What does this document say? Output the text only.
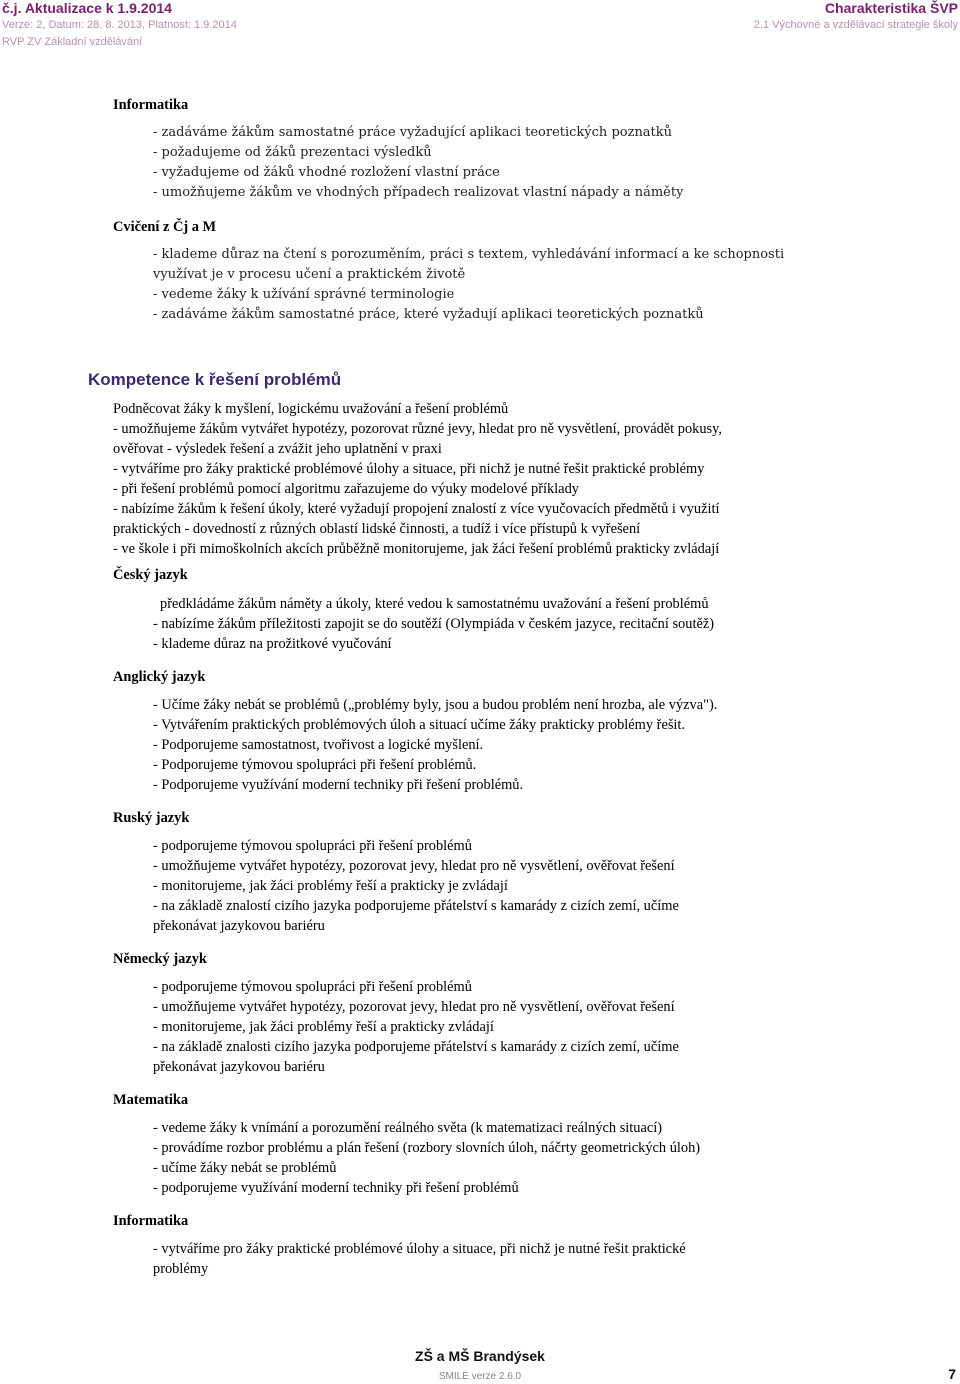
č.j. Aktualizace k 1.9.2014
Verze: 2, Datum: 28. 8. 2013, Platnost: 1.9.2014
RVP ZV Základní vzdělávání
Charakteristika ŠVP
2.1 Výchovné a vzdělávací strategie školy
Informatika
- zadáváme žákům samostatné práce vyžadující aplikaci teoretických poznatků
- požadujeme od žáků prezentaci výsledků
- vyžadujeme od žáků vhodné rozložení vlastní práce
- umožňujeme žákům ve vhodných případech realizovat vlastní nápady a náměty
Cvičení z Čj a M
- klademe důraz na čtení s porozuměním, práci s textem, vyhledávání informací a ke schopnosti
využívat je v procesu učení a praktickém životě
- vedeme žáky k užívání správné terminologie
- zadáváme žákům samostatné práce, které vyžadují aplikaci teoretických poznatků
Kompetence k řešení problémů
Podněcovat žáky k myšlení, logickému uvažování a řešení problémů
- umožňujeme žákům vytvářet hypotézy, pozorovat různé jevy, hledat pro ně vysvětlení, provádět pokusy,
ověřovat - výsledek řešení a zvážit jeho uplatnění v praxi
- vytváříme pro žáky praktické problémové úlohy a situace, při nichž je nutné řešit praktické problémy
- při řešení problémů pomocí algoritmu zařazujeme do výuky modelové příklady
- nabízíme žákům k řešení úkoly, které vyžadují propojení znalostí z více vyučovacích předmětů i využití
praktických - dovedností z různých oblastí lidské činnosti, a tudíž i více přístupů k vyřešení
- ve škole i při mimoškolních akcích průběžně monitorujeme, jak žáci řešení problémů prakticky zvládají
Český jazyk
předkládáme žákům náměty a úkoly, které vedou k samostatnému uvažování a řešení problémů
- nabízíme žákům příležitosti zapojit se do soutěží (Olympiáda v českém jazyce, recitační soutěž)
- klademe důraz na prožitkové vyučování
Anglický jazyk
- Učíme žáky nebát se problémů („problémy byly, jsou a budou problém není hrozba, ale výzva").
- Vytvářením praktických problémových úloh a situací učíme žáky prakticky problémy řešit.
- Podporujeme samostatnost, tvořivost a logické myšlení.
- Podporujeme týmovou spolupráci při řešení problémů.
- Podporujeme využívání moderní techniky při řešení problémů.
Ruský jazyk
- podporujeme týmovou spolupráci při řešení problémů
- umožňujeme vytvářet hypotézy, pozorovat jevy, hledat pro ně vysvětlení, ověřovat řešení
- monitorujeme, jak žáci problémy řeší a prakticky je zvládají
- na základě znalostí cizího jazyka podporujeme přátelství s kamarády z cizích zemí, učíme
překonávat jazykovou bariéru
Německý jazyk
- podporujeme týmovou spolupráci při řešení problémů
- umožňujeme vytvářet hypotézy, pozorovat jevy, hledat pro ně vysvětlení, ověřovat řešení
- monitorujeme, jak žáci problémy řeší a prakticky zvládají
- na základě znalosti cizího jazyka podporujeme přátelství s kamarády z cizích zemí, učíme
překonávat jazykovou bariéru
Matematika
- vedeme žáky k vnímání a porozumění reálného světa (k matematizaci reálných situací)
- provádíme rozbor problému a plán řešení (rozbory slovních úloh, náčrty geometrických úloh)
- učíme žáky nebát se problémů
- podporujeme využívání moderní techniky při řešení problémů
Informatika
- vytváříme pro žáky praktické problémové úlohy a situace, při nichž je nutné řešit praktické
problémy
ZŠ a MŠ Brandýsek
SMILE verze 2.6.0	7
